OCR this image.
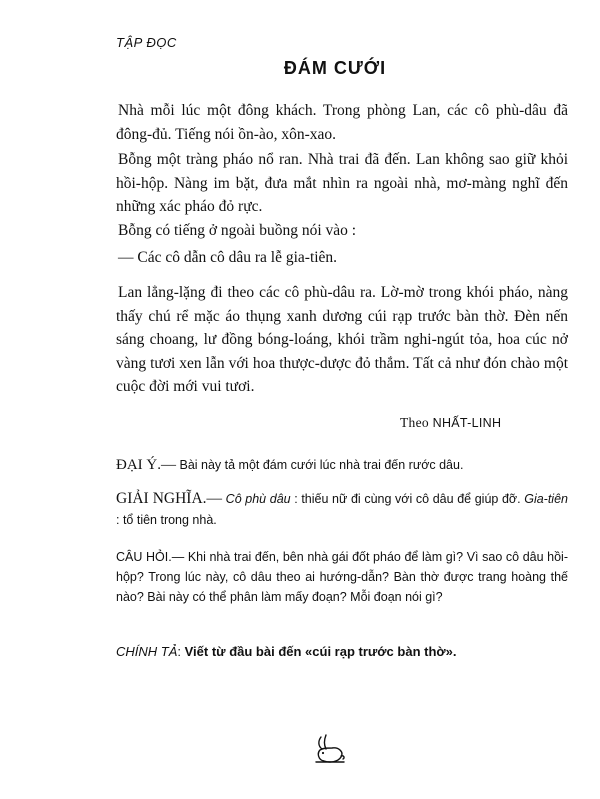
TẬP ĐỌC
ĐÁM CƯỚI

Nhà mỗi lúc một đông khách. Trong phòng Lan, các cô phù-dâu đã đông-đủ. Tiếng nói ồn-ào, xôn-xao.

Bỗng một tràng pháo nổ ran. Nhà trai đã đến. Lan không sao giữ khỏi hồi-hộp. Nàng im bặt, đưa mắt nhìn ra ngoài nhà, mơ-màng nghĩ đến những xác pháo đỏ rực.

Bỗng có tiếng ở ngoài buồng nói vào :

— Các cô dẫn cô dâu ra lễ gia-tiên.

Lan lẳng-lặng đi theo các cô phù-dâu ra. Lờ-mờ trong khói pháo, nàng thấy chú rể mặc áo thụng xanh dương cúi rạp trước bàn thờ. Đèn nến sáng choang, lư đồng bóng-loáng, khói trầm nghi-ngút tỏa, hoa cúc nở vàng tươi xen lẫn với hoa thược-dược đỏ thắm. Tất cả như đón chào một cuộc đời mới vui tươi.

Theo NHẤT-LINH
ĐẠI Ý.— Bài này tả một đám cưới lúc nhà trai đến rước dâu.
GIẢI NGHĨA.— Cô phù dâu : thiếu nữ đi cùng với cô dâu để giúp đỡ. Gia-tiên : tổ tiên trong nhà.
CÂU HỎI.— Khi nhà trai đến, bên nhà gái đốt pháo để làm gì? Vì sao cô dâu hồi-hộp? Trong lúc này, cô dâu theo ai hướng-dẫn? Bàn thờ được trang hoàng thế nào? Bài này có thể phân làm mấy đoạn? Mỗi đoạn nói gì?
CHÍNH TẢ: Viết từ đầu bài đến «cúi rạp trước bàn thờ».
